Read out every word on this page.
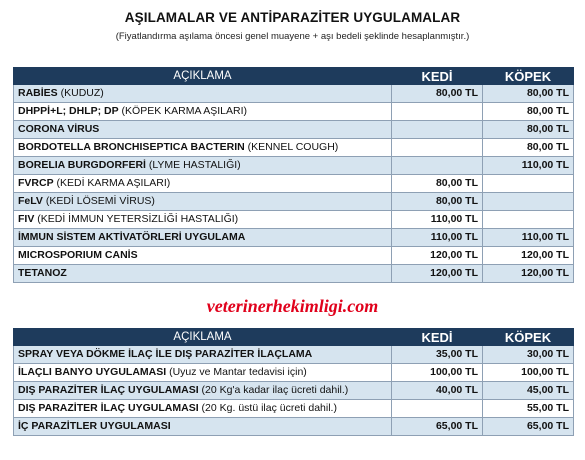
AŞILAMALAR VE ANTİPARAZİTER UYGULAMALAR
(Fiyatlandırma aşılama öncesi genel muayene + aşı bedeli şeklinde hesaplanmıştır.)
AÇIKLAMA	KEDİ	KÖPEK
RABİES (KUDUZ)	80,00 TL	80,00 TL
DHPPİ+L; DHLP; DP (KÖPEK KARMA AŞILARI)		80,00 TL
CORONA VİRUS		80,00 TL
BORDOTELLA BRONCHISEPTICA BACTERIN (KENNEL COUGH)		80,00 TL
BORELIA BURGDORFERİ (LYME HASTALIĞI)		110,00 TL
FVRCP (KEDİ KARMA AŞILARI)	80,00 TL	
FeLV (KEDİ LÖSEMİ VİRUS)	80,00 TL	
FIV (KEDİ İMMUN YETERSİZLİĞİ HASTALIĞI)	110,00 TL	
İMMUN SİSTEM AKTİVATÖRLERİ UYGULAMA	110,00 TL	110,00 TL
MICROSPORIUM CANİS	120,00 TL	120,00 TL
TETANOZ	120,00 TL	120,00 TL
veterinerhekimligi.com
AÇIKLAMA	KEDİ	KÖPEK
SPRAY VEYA DÖKME İLAÇ İLE DIŞ PARAZİTER İLAÇLAMA	35,00 TL	30,00 TL
İLAÇLI BANYO UYGULAMASI (Uyuz ve Mantar tedavisi için)	100,00 TL	100,00 TL
DIŞ PARAZİTER İLAÇ UYGULAMASI (20 Kg'a kadar ilaç ücreti dahil.)	40,00 TL	45,00 TL
DIŞ PARAZİTER İLAÇ UYGULAMASI (20 Kg. üstü ilaç ücreti dahil.)		55,00 TL
İÇ PARAZİTLER UYGULAMASI	65,00 TL	65,00 TL
